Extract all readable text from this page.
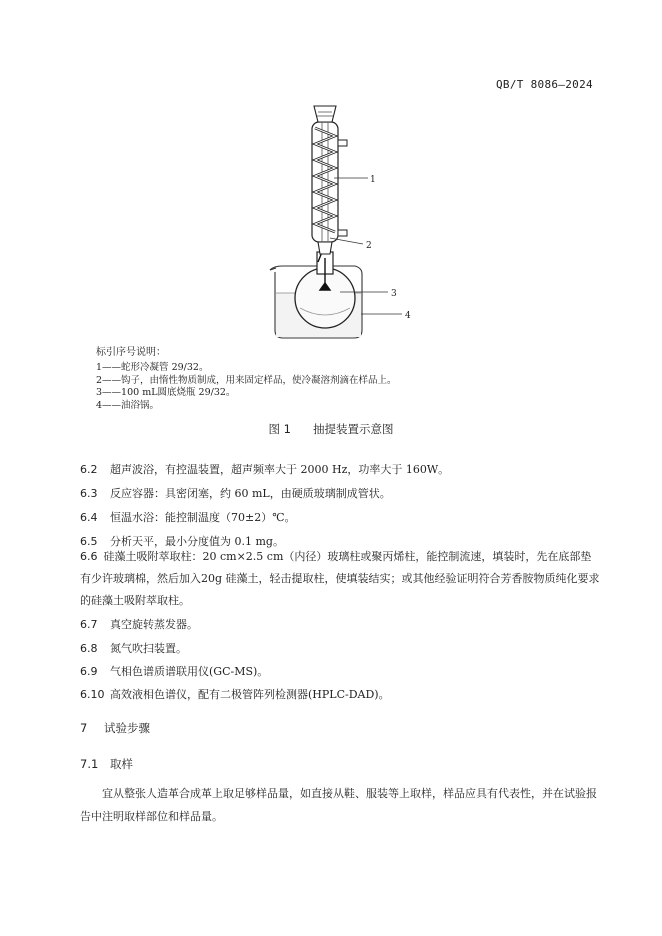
QB/T 8086—2024
1
2
3
4
标引序号说明：
1——蛇形冷凝管 29/32。
2——钩子，由惰性物质制成，用来固定样品，使冷凝溶剂滴在样品上。
3——100 mL圆底烧瓶 29/32。
4——油浴锅。
图 1 抽提装置示意图
6.2 超声波浴，有控温装置，超声频率大于 2000 Hz，功率大于 160W。
6.3 反应容器：具密闭塞，约 60 mL，由硬质玻璃制成管状。
6.4 恒温水浴：能控制温度（70±2）℃。
6.5 分析天平，最小分度值为 0.1 mg。
6.6 硅藻土吸附萃取柱：20 cm×2.5 cm（内径）玻璃柱或聚丙烯柱，能控制流速，填装时，先在底部垫有少许玻璃棉，然后加入20g 硅藻土，轻击提取柱，使填装结实；或其他经验证明符合芳香胺物质纯化要求的硅藻土吸附萃取柱。
6.7 真空旋转蒸发器。
6.8 氮气吹扫装置。
6.9 气相色谱质谱联用仪(GC-MS)。
6.10 高效液相色谱仪，配有二极管阵列检测器(HPLC-DAD)。
7 试验步骤
7.1 取样
宜从整张人造革合成革上取足够样品量，如直接从鞋、服装等上取样，样品应具有代表性，并在试验报告中注明取样部位和样品量。
